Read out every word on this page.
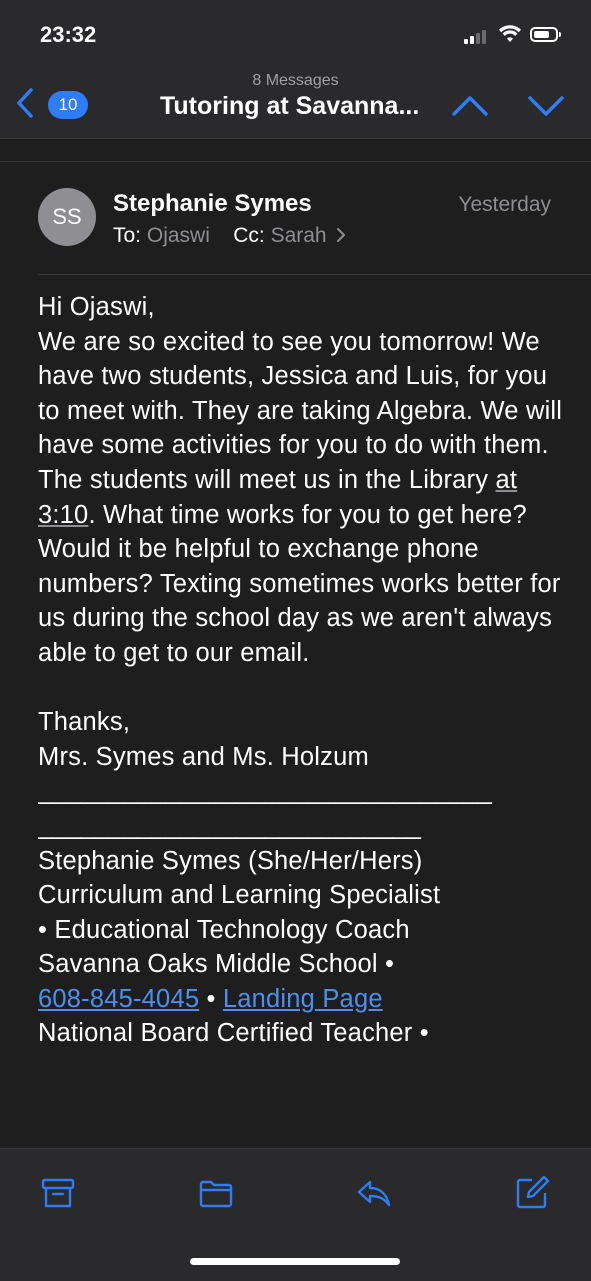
23:32
10
8 Messages
Tutoring at Savanna...
SS	Stephanie Symes	Yesterday
To: Ojaswi Cc: Sarah

Hi Ojaswi,

We are so excited to see you tomorrow! We have two students, Jessica and Luis, for you to meet with. They are taking Algebra. We will have some activities for you to do with them. The students will meet us in the Library at 3:10. What time works for you to get here? Would it be helpful to exchange phone numbers? Texting sometimes works better for us during the school day as we aren't always able to get to our email.

Thanks,

Mrs. Symes and Ms. Holzum

________________________________

___________________________

Stephanie Symes (She/Her/Hers)

Curriculum and Learning Specialist

• Educational Technology Coach

Savanna Oaks Middle School •

608-845-4045 • Landing Page

National Board Certified Teacher •
